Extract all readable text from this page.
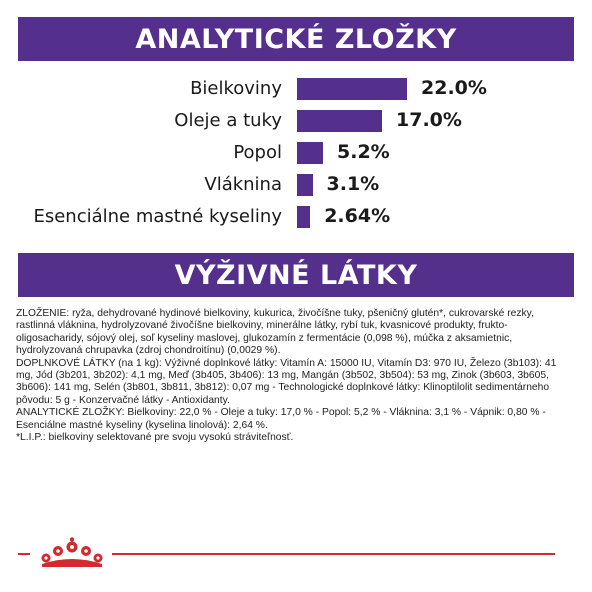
ANALYTICKÉ ZLOŽKY
Bielkoviny	22.0%
Oleje a tuky	17.0%
Popol	5.2%
Vláknina 3.1%
Esenciálne mastné kyseliny 2.64%
VÝŽIVNÉ LÁTKY

ZLOŽENIE: ryža, dehydrované hydinové bielkoviny, kukurica, živočíšne tuky, pšeničný glutén*, cukrovarské rezky, rastlinná vláknina, hydrolyzované živočíšne bielkoviny, minerálne látky, rybí tuk, kvasnicové produkty, frukto-oligosacharidy, sójový olej, soľ kyseliny maslovej, glukozamín z fermentácie (0,098 %), múčka z aksamietnic, hydrolyzovaná chrupavka (zdroj chondroitínu) (0,0029 %).

DOPLNKOVÉ LÁTKY (na 1 kg): Výživné doplnkové látky: Vitamín A: 15000 IU, Vitamín D3: 970 IU, Železo (3b103): 41 mg, Jód (3b201, 3b202): 4,1 mg, Meď (3b405, 3b406): 13 mg, Mangán (3b502, 3b504): 53 mg, Zinok (3b603, 3b605, 3b606): 141 mg, Selén (3b801, 3b811, 3b812): 0,07 mg - Technologické doplnkové látky: Klinoptilolit sedimentárneho pôvodu: 5 g - Konzervačné látky - Antioxidanty.

ANALYTICKÉ ZLOŽKY: Bielkoviny: 22,0 % - Oleje a tuky: 17,0 % - Popol: 5,2 % - Vláknina: 3,1 % - Vápnik: 0,80 % - Esenciálne mastné kyseliny (kyselina linolová): 2,64 %.

*L.I.P.: bielkoviny selektované pre svoju vysokú stráviteľnosť.
